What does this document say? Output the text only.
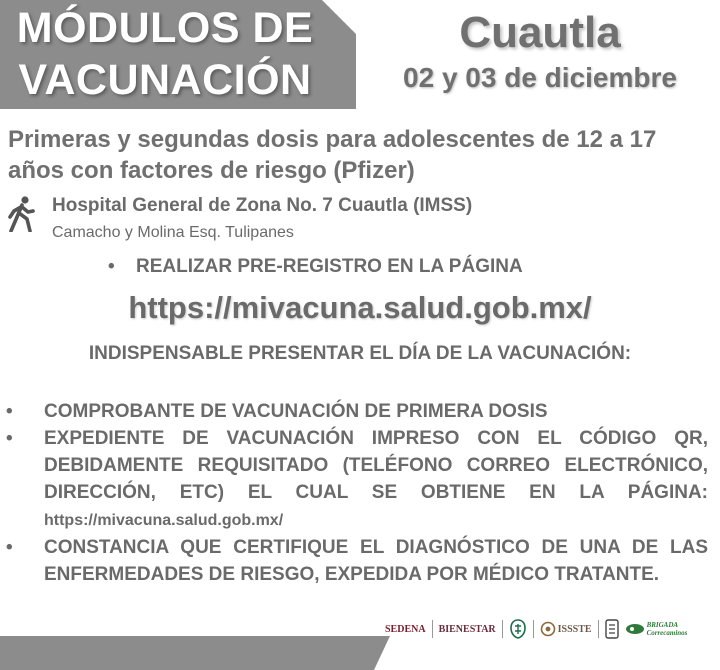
MÓDULOS DE
VACUNACIÓN
Cuautla
02 y 03 de diciembre
Primeras y segundas dosis para adolescentes de 12 a 17 años con factores de riesgo (Pfizer)
Hospital General de Zona No. 7 Cuautla (IMSS)
Camacho y Molina Esq. Tulipanes
• REALIZAR PRE-REGISTRO EN LA PÁGINA
https://mivacuna.salud.gob.mx/
INDISPENSABLE PRESENTAR EL DÍA DE LA VACUNACIÓN:
• COMPROBANTE DE VACUNACIÓN DE PRIMERA DOSIS
• EXPEDIENTE DE VACUNACIÓN IMPRESO CON EL CÓDIGO QR, DEBIDAMENTE REQUISITADO (TELÉFONO CORREO ELECTRÓNICO, DIRECCIÓN, ETC) EL CUAL SE OBTIENE EN LA PÁGINA: https://mivacuna.salud.gob.mx/
• CONSTANCIA QUE CERTIFIQUE EL DIAGNÓSTICO DE UNA DE LAS ENFERMEDADES DE RIESGO, EXPEDIDA POR MÉDICO TRATANTE.
SEDENA BIENESTAR	ISSSTE	BRIGADA
Correcaminos
